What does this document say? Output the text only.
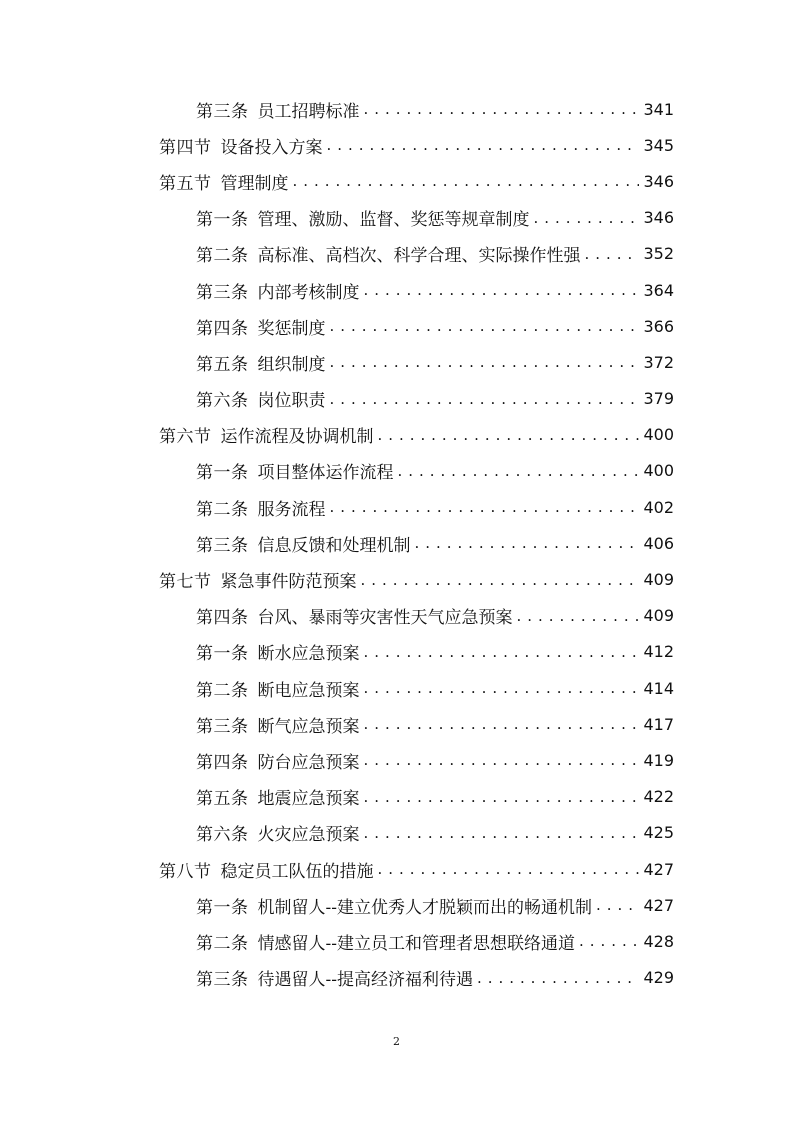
第三条 员工招聘标准 . . .	341
第四节 设备投入方案 . . .	345
第五节 管理制度 . . .	346
第一条 管理、激励、监督、奖惩等规章制度 . . .	346
第二条 高标准、高档次、科学合理、实际操作性强 . . .	352
第三条 内部考核制度 . . .	364
第四条 奖惩制度 . . .	366
第五条 组织制度 . . .	372
第六条 岗位职责 . . .	379
第六节 运作流程及协调机制 . . .	400
第一条 项目整体运作流程 . . .	400
第二条 服务流程 . . .	402
第三条 信息反馈和处理机制 . . .	406
第七节 紧急事件防范预案 . . .	409
第四条 台风、暴雨等灾害性天气应急预案 . . .	409
第一条 断水应急预案 . . .	412
第二条 断电应急预案 . . .	414
第三条 断气应急预案 . . .	417
第四条 防台应急预案 . . .	419
第五条 地震应急预案 . . .	422
第六条 火灾应急预案 . . .	425
第八节 稳定员工队伍的措施 . . .	427
第一条 机制留人--建立优秀人才脱颖而出的畅通机制 . . .	427
第二条 情感留人--建立员工和管理者思想联络通道 . . .	428
第三条 待遇留人--提高经济福利待遇 . . .	429
2
